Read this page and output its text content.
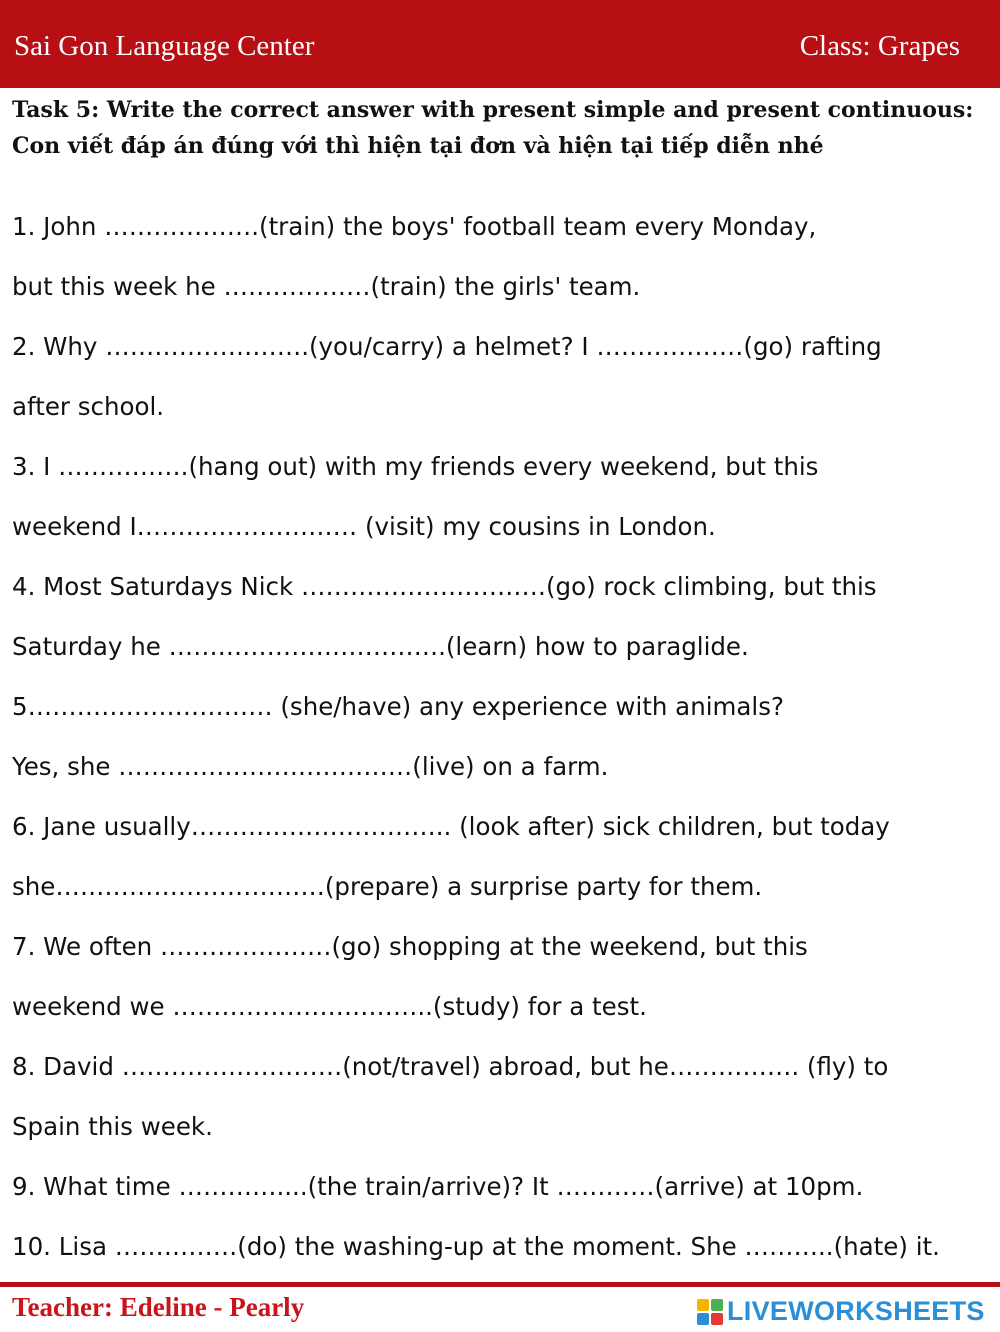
Sai Gon Language Center	Class: Grapes
Task 5: Write the correct answer with present simple and present continuous: Con viết đáp án đúng với thì hiện tại đơn và hiện tại tiếp diễn nhé
1. John ……………….(train) the boys' football team every Monday,
but this week he ………………(train) the girls' team.
2. Why …………………….(you/carry) a helmet? I ………………(go) rafting
after school.
3. I …………….(hang out) with my friends every weekend, but this
weekend I……………………… (visit) my cousins in London.
4. Most Saturdays Nick …………………………(go) rock climbing, but this
Saturday he …………………………….(learn) how to paraglide.
5………………………… (she/have) any experience with animals?
Yes, she ………………………………(live) on a farm.
6. Jane usually………………………….. (look after) sick children, but today
she……………………………(prepare) a surprise party for them.
7. We often …………………(go) shopping at the weekend, but this
weekend we …………………………..(study) for a test.
8. David ………………………(not/travel) abroad, but he……………. (fly) to
Spain this week.
9. What time …………....(the train/arrive)? It …………(arrive) at 10pm.
10. Lisa ……………(do) the washing-up at the moment. She ………..(hate) it.
Teacher: Edeline - Pearly	LIVEWORKSHEETS
